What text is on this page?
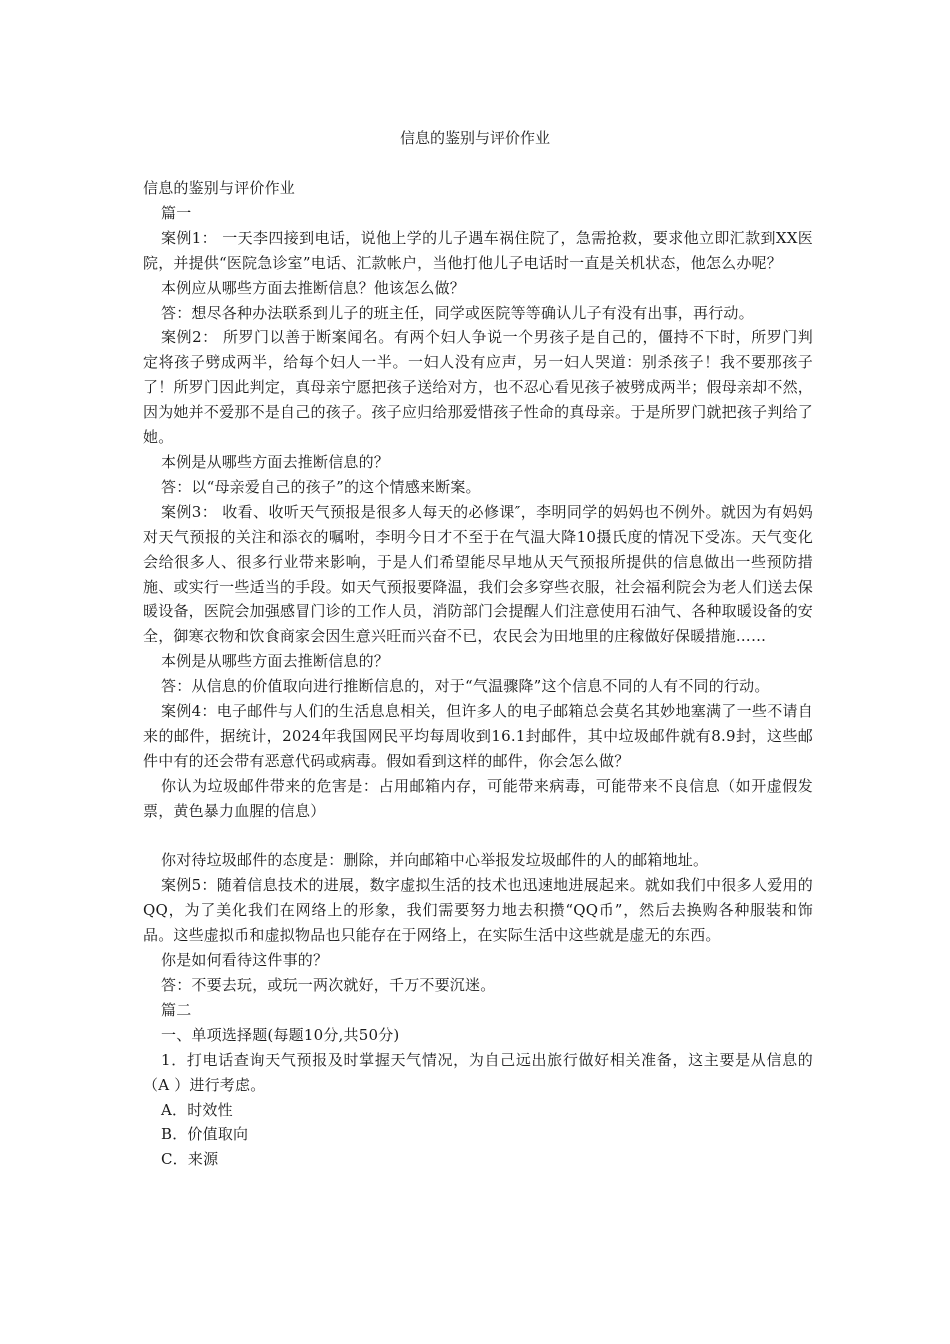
信息的鉴别与评价作业

信息的鉴别与评价作业

篇一

案例1： 一天李四接到电话，说他上学的儿子遇车祸住院了，急需抢救，要求他立即汇款到XX医院，并提供“医院急诊室”电话、汇款帐户，当他打他儿子电话时一直是关机状态，他怎么办呢？

本例应从哪些方面去推断信息？他该怎么做？

答：想尽各种办法联系到儿子的班主任，同学或医院等等确认儿子有没有出事，再行动。

案例2： 所罗门以善于断案闻名。有两个妇人争说一个男孩子是自己的，僵持不下时，所罗门判定将孩子劈成两半，给每个妇人一半。一妇人没有应声，另一妇人哭道：别杀孩子！我不要那孩子了！所罗门因此判定，真母亲宁愿把孩子送给对方，也不忍心看见孩子被劈成两半；假母亲却不然，因为她并不爱那不是自己的孩子。孩子应归给那爱惜孩子性命的真母亲。于是所罗门就把孩子判给了她。

本例是从哪些方面去推断信息的？

答：以“母亲爱自己的孩子”的这个情感来断案。

案例3： 收看、收听天气预报是很多人每天的必修课″，李明同学的妈妈也不例外。就因为有妈妈对天气预报的关注和添衣的嘱咐，李明今日才不至于在气温大降10摄氏度的情况下受冻。天气变化会给很多人、很多行业带来影响，于是人们希望能尽早地从天气预报所提供的信息做出一些预防措施、或实行一些适当的手段。如天气预报要降温，我们会多穿些衣服，社会福利院会为老人们送去保暖设备，医院会加强感冒门诊的工作人员，消防部门会提醒人们注意使用石油气、各种取暖设备的安全，御寒衣物和饮食商家会因生意兴旺而兴奋不已，农民会为田地里的庄稼做好保暖措施……

本例是从哪些方面去推断信息的？

答：从信息的价值取向进行推断信息的，对于“气温骤降”这个信息不同的人有不同的行动。

案例4：电子邮件与人们的生活息息相关，但许多人的电子邮箱总会莫名其妙地塞满了一些不请自来的邮件，据统计，2024年我国网民平均每周收到16.1封邮件，其中垃圾邮件就有8.9封，这些邮件中有的还会带有恶意代码或病毒。假如看到这样的邮件，你会怎么做？

你认为垃圾邮件带来的危害是：占用邮箱内存，可能带来病毒，可能带来不良信息（如开虚假发票，黄色暴力血腥的信息）

你对待垃圾邮件的态度是：删除，并向邮箱中心举报发垃圾邮件的人的邮箱地址。

案例5：随着信息技术的进展，数字虚拟生活的技术也迅速地进展起来。就如我们中很多人爱用的QQ，为了美化我们在网络上的形象，我们需要努力地去积攒“QQ币”，然后去换购各种服装和饰品。这些虚拟币和虚拟物品也只能存在于网络上，在实际生活中这些就是虚无的东西。

你是如何看待这件事的？

答：不要去玩，或玩一两次就好，千万不要沉迷。

篇二

一、单项选择题(每题10分,共50分)

1．打电话查询天气预报及时掌握天气情况，为自己远出旅行做好相关准备，这主要是从信息的（A ）进行考虑。

A．时效性

B．价值取向

C．来源
